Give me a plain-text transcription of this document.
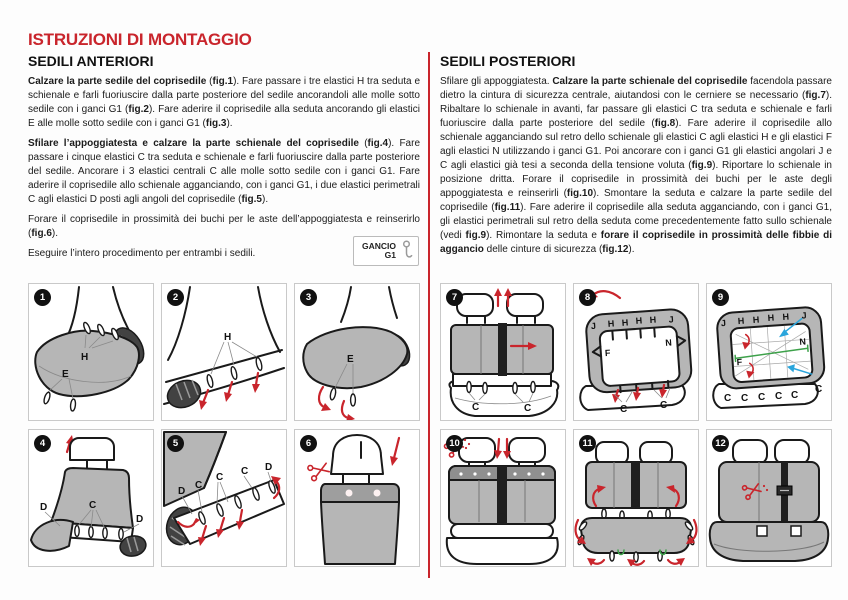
ISTRUZIONI DI MONTAGGIO
SEDILI ANTERIORI

Calzare la parte sedile del coprisedile (fig.1). Fare passare i tre elastici H tra seduta e schienale e farli fuoriuscire dalla parte posteriore del sedile ancorandoli alle molle sotto sedile con i ganci G1 (fig.2). Fare aderire il coprisedile alla seduta ancorando gli elastici E alle molle sotto sedile con i ganci G1 (fig.3).

Sfilare l’appoggiatesta e calzare la parte schienale del coprisedile (fig.4). Fare passare i cinque elastici C tra seduta e schienale e farli fuoriuscire dalla parte posteriore del sedile. Ancorare i 3 elastici centrali C alle molle sotto sedile con i ganci G1. Fare aderire il coprisedile allo schienale agganciando, con i ganci G1, i due elastici perimetrali C agli elastici D posti agli angoli del coprisedile (fig.5).

Forare il coprisedile in prossimità dei buchi per le aste dell’appoggiatesta e reinserirlo (fig.6).

Eseguire l’intero procedimento per entrambi i sedili.

GANCIO
G1
SEDILI POSTERIORI

Sfilare gli appoggiatesta. Calzare la parte schienale del coprisedile facendola passare dietro la cintura di sicurezza centrale, aiutandosi con le cerniere se necessario (fig.7). Ribaltare lo schienale in avanti, far passare gli elastici C tra seduta e schienale e farli fuoriuscire dalla parte posteriore del sedile (fig.8). Fare aderire il coprisedile allo schienale agganciando sul retro dello schienale gli elastici C agli elastici H e gli elastici F agli elastici N utilizzando i ganci G1. Poi ancorare con i ganci G1 gli elastici angolari J e C agli elastici già tesi a seconda della tensione voluta (fig.9). Riportare lo schienale in posizione dritta. Forare il coprisedile in prossimità dei buchi per le aste degli appoggiatesta e reinserirli (fig.10). Smontare la seduta e calzare la parte sedile del coprisedile (fig.11). Fare aderire il coprisedile alla seduta agganciando, con i ganci G1, gli elastici perimetrali sul retro della seduta come precedentemente fatto sullo schienale (vedi fig.9). Rimontare la seduta e forare il coprisedile in prossimità delle fibbie di aggancio delle cinture di sicurezza (fig.12).

1
H
E
2
H
3
E
4
D	C
D
5
D
C
C
C D
6
7
C	C
8
J H H H H J
F
N
C	C
9
J H H H H J
F
N
C C C C C
C
10	11	12
